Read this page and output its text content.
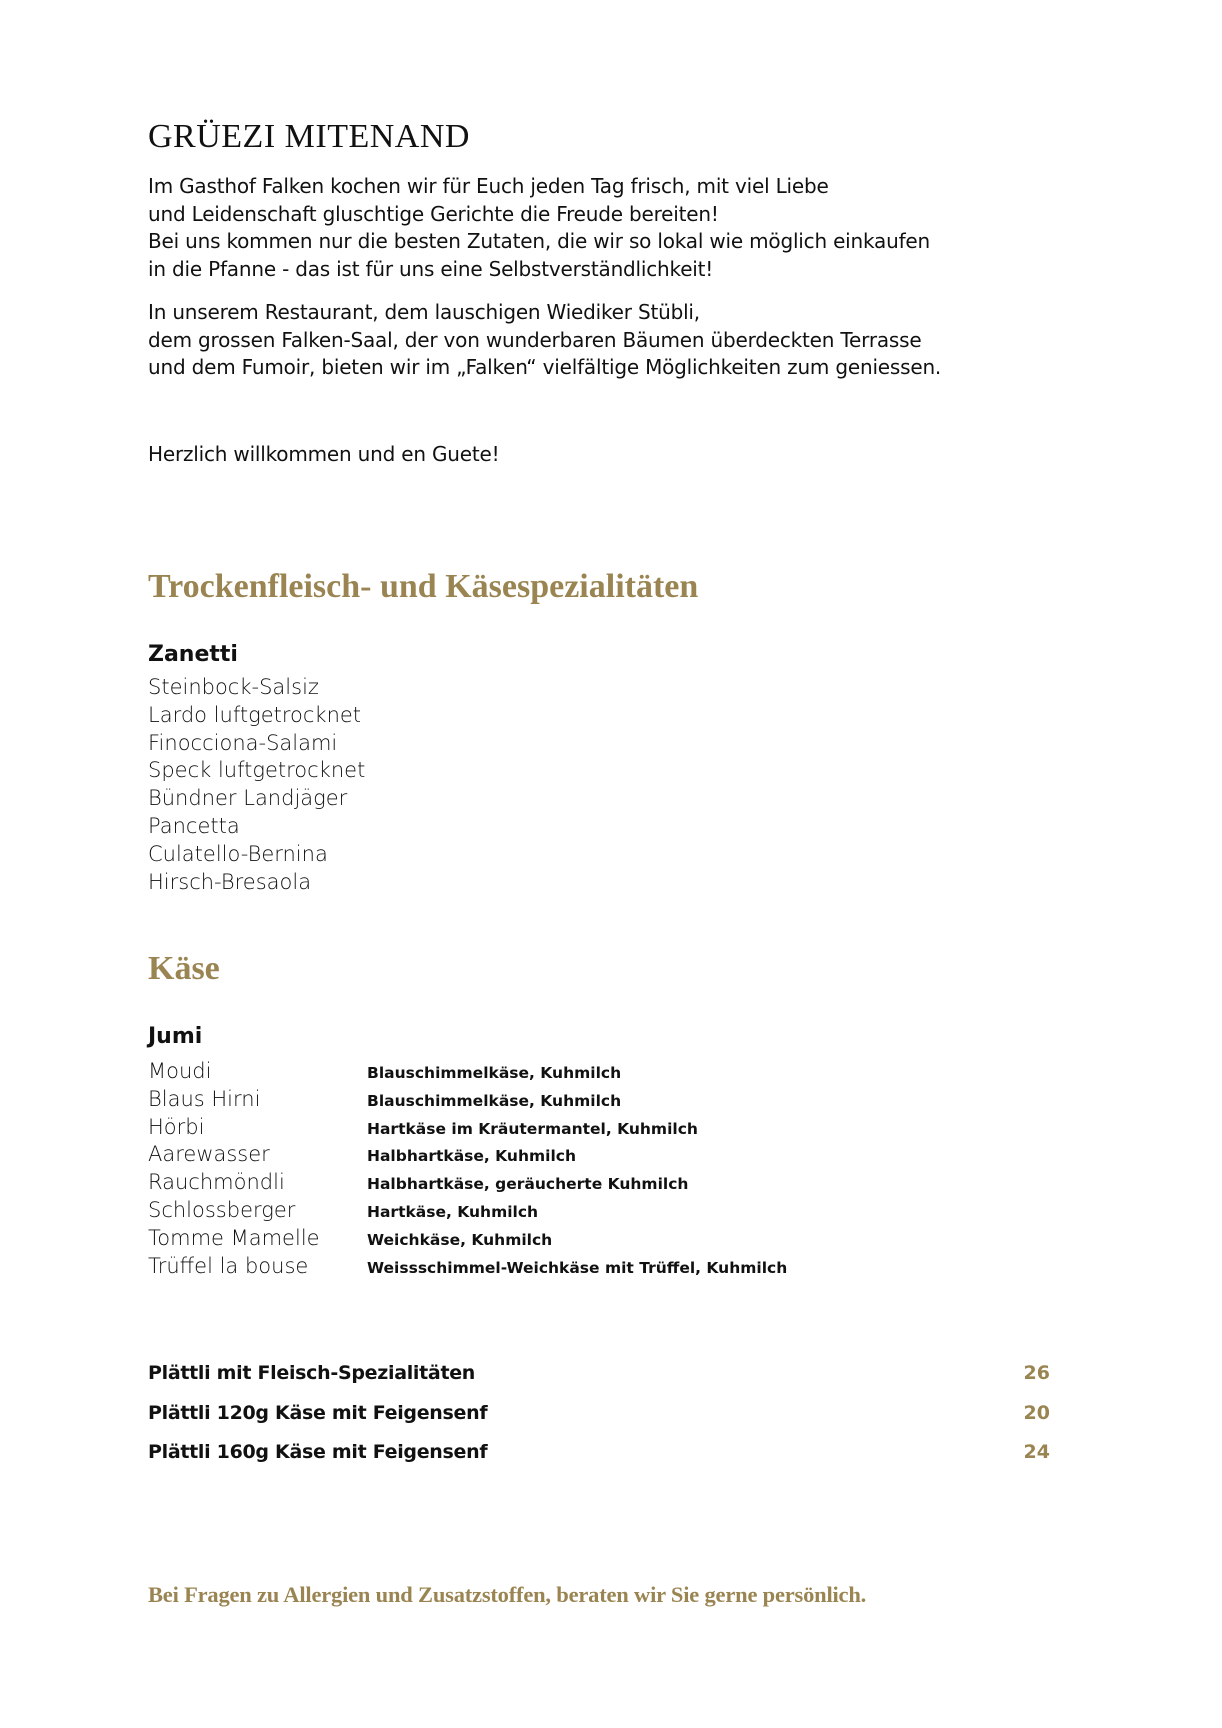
GRÜEZI MITENAND

Im Gasthof Falken kochen wir für Euch jeden Tag frisch, mit viel Liebe

und Leidenschaft gluschtige Gerichte die Freude bereiten!

Bei uns kommen nur die besten Zutaten, die wir so lokal wie möglich einkaufen

in die Pfanne - das ist für uns eine Selbstverständlichkeit!

In unserem Restaurant, dem lauschigen Wiediker Stübli,

dem grossen Falken-Saal, der von wunderbaren Bäumen überdeckten Terrasse

und dem Fumoir, bieten wir im „Falken“ vielfältige Möglichkeiten zum geniessen.

Herzlich willkommen und en Guete!

Trockenfleisch- und Käsespezialitäten
Zanetti
Steinbock-Salsiz
Lardo luftgetrocknet
Finocciona-Salami
Speck luftgetrocknet
Bündner Landjäger
Pancetta
Culatello-Bernina
Hirsch-Bresaola
Käse
Jumi
Moudi	Blauschimmelkäse, Kuhmilch
Blaus Hirni	Blauschimmelkäse, Kuhmilch
Hörbi	Hartkäse im Kräutermantel, Kuhmilch
Aarewasser	Halbhartkäse, Kuhmilch
Rauchmöndli	Halbhartkäse, geräucherte Kuhmilch
Schlossberger	Hartkäse, Kuhmilch
Tomme Mamelle	Weichkäse, Kuhmilch
Trüffel la bouse	Weissschimmel-Weichkäse mit Trüffel, Kuhmilch
Plättli mit Fleisch-Spezialitäten	26
Plättli 120g Käse mit Feigensenf	20
Plättli 160g Käse mit Feigensenf	24

Bei Fragen zu Allergien und Zusatzstoffen, beraten wir Sie gerne persönlich.
